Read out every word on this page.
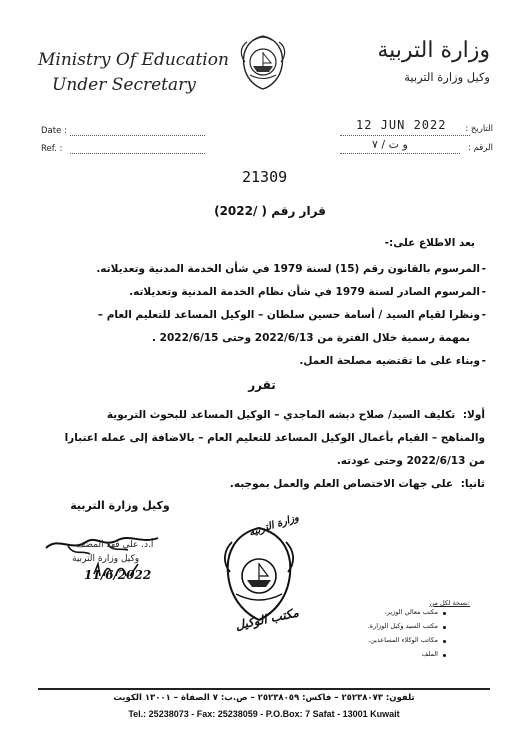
Ministry Of Education
Under Secretary
وزارة التربية
وكيل وزارة التربية
Date :
Ref. :
12 JUN 2022	التاريخ :
و ت / ٧	الرقم :
21309
قرار رقم ( /2022)
بعد الاطلاع على:-
-
المرسوم بالقانون رقم (15) لسنة 1979 في شأن الخدمة المدنية وتعديلاته.
-
المرسوم الصادر لسنة 1979 في شأن نظام الخدمة المدنية وتعديلاته.
-
ونظرا لقيام السيد / أسامة حسين سلطان – الوكيل المساعد للتعليم العام –
بمهمة رسمية خلال الفترة من 2022/6/13 وحتى 2022/6/15 .
-
وبناء على ما تقتضيه مصلحة العمل.
تقرر
أولا: تكليف السيد/ صلاح دبشه الماجدي – الوكيل المساعد للبحوث التربوية
والمناهج – القيام بأعمال الوكيل المساعد للتعليم العام – بالاضافة إلى عمله اعتبارا
من 2022/6/13 وحتى عودته.
ثانيا: على جهات الاختصاص العلم والعمل بموجبه.
وكيل وزارة التربية
أ.د. علي فهد المضف
وكيل وزارة التربية
11/6/2022
وزارة التربية
مكتب الوكيل
نسخة لكل من:
مكتب معالي الوزير.
مكتب السيد وكيل الوزارة.
مكاتب الوكلاء المساعدين.
الملف
تلفون: ٢٥٢٣٨٠٧٣ – فاكس: ٢٥٢٣٨٠٥٩ – ص.ب: ٧ الصفاة – ١٣٠٠١ الكويت
Tel.: 25238073 - Fax: 25238059 - P.O.Box: 7 Safat - 13001 Kuwait
